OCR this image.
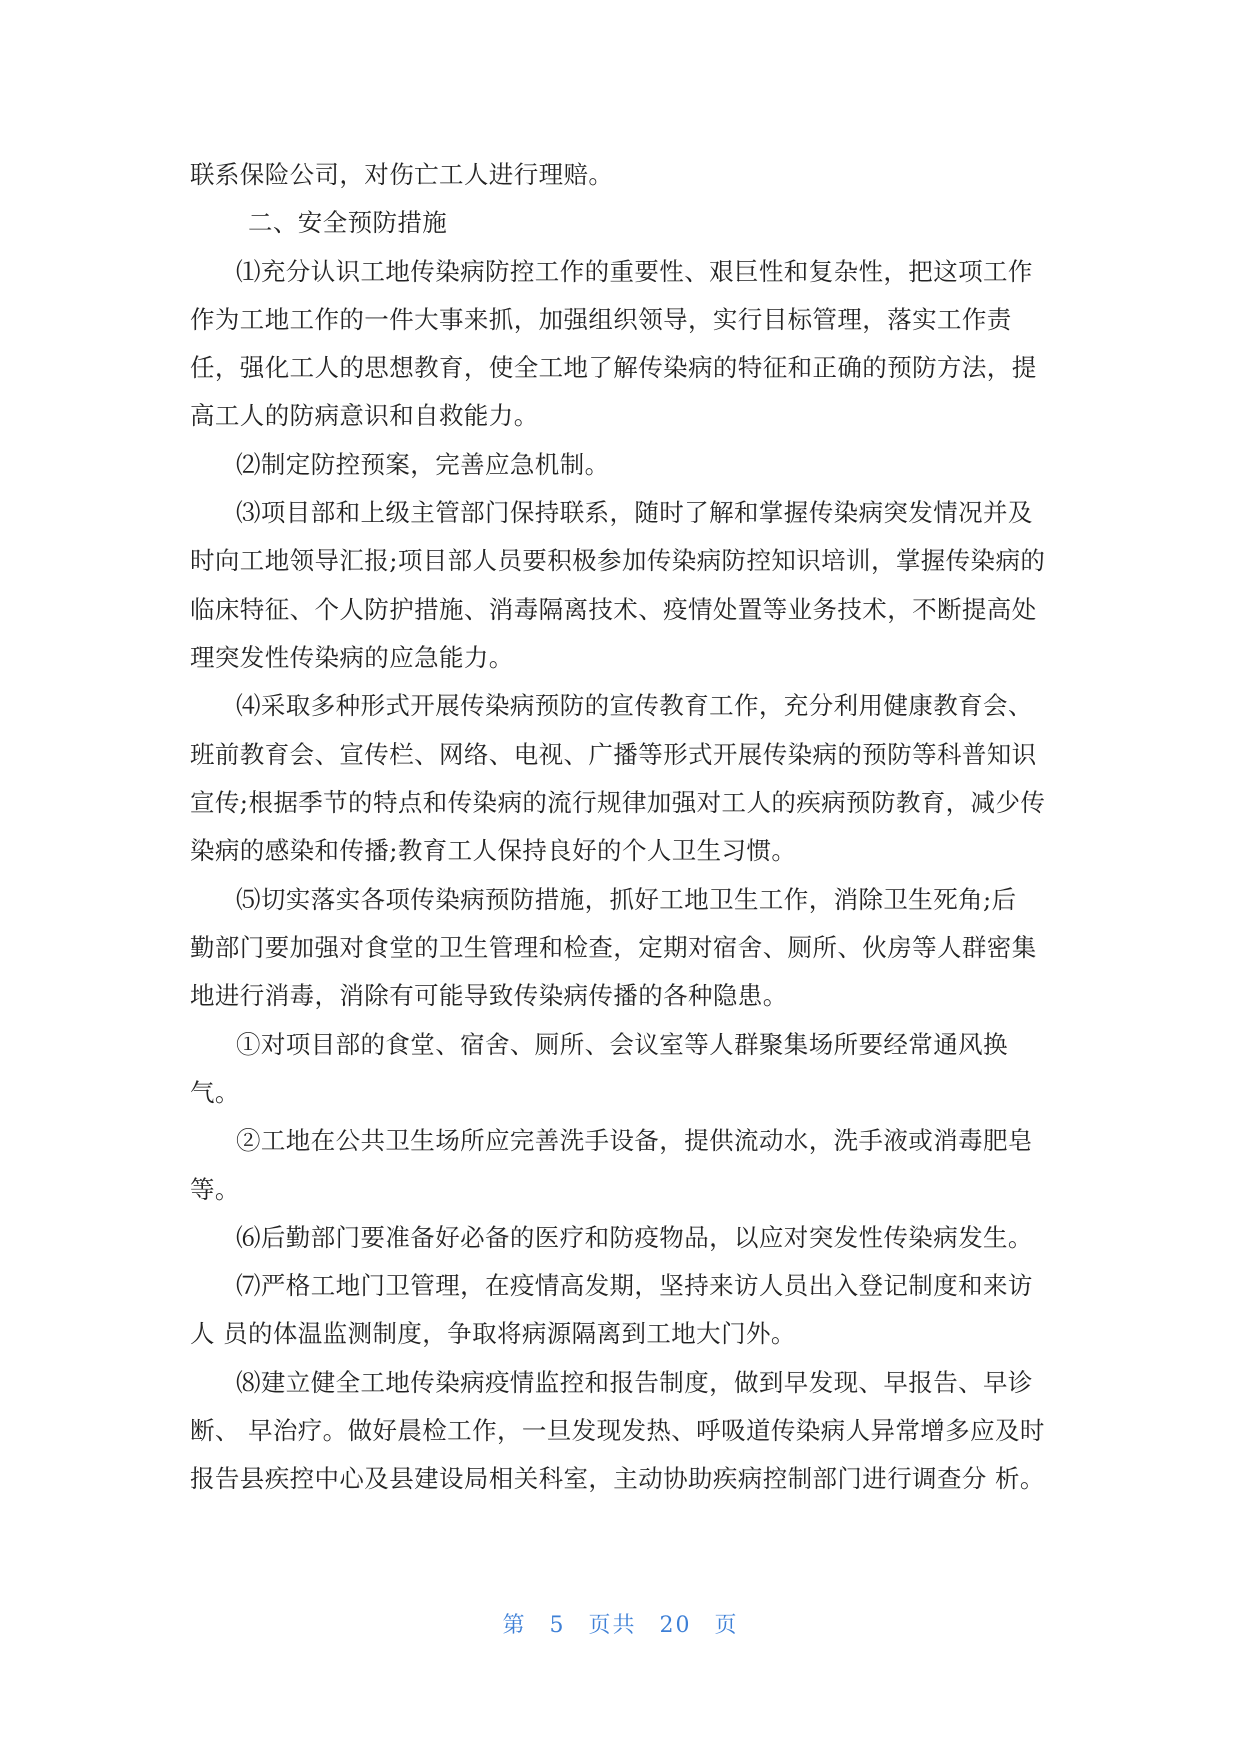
联系保险公司，对伤亡工人进行理赔。
二、安全预防措施
⑴充分认识工地传染病防控工作的重要性、艰巨性和复杂性，把这项工作
作为工地工作的一件大事来抓，加强组织领导，实行目标管理，落实工作责
任，强化工人的思想教育，使全工地了解传染病的特征和正确的预防方法，提
高工人的防病意识和自救能力。
⑵制定防控预案，完善应急机制。
⑶项目部和上级主管部门保持联系，随时了解和掌握传染病突发情况并及
时向工地领导汇报;项目部人员要积极参加传染病防控知识培训，掌握传染病的
临床特征、个人防护措施、消毒隔离技术、疫情处置等业务技术，不断提高处
理突发性传染病的应急能力。
⑷采取多种形式开展传染病预防的宣传教育工作，充分利用健康教育会、
班前教育会、宣传栏、网络、电视、广播等形式开展传染病的预防等科普知识
宣传;根据季节的特点和传染病的流行规律加强对工人的疾病预防教育，减少传
染病的感染和传播;教育工人保持良好的个人卫生习惯。
⑸切实落实各项传染病预防措施，抓好工地卫生工作，消除卫生死角;后
勤部门要加强对食堂的卫生管理和检查，定期对宿舍、厕所、伙房等人群密集
地进行消毒，消除有可能导致传染病传播的各种隐患。
①对项目部的食堂、宿舍、厕所、会议室等人群聚集场所要经常通风换
气。
②工地在公共卫生场所应完善洗手设备，提供流动水，洗手液或消毒肥皂
等。
⑹后勤部门要准备好必备的医疗和防疫物品，以应对突发性传染病发生。
⑺严格工地门卫管理，在疫情高发期，坚持来访人员出入登记制度和来访
人 员的体温监测制度，争取将病源隔离到工地大门外。
⑻建立健全工地传染病疫情监控和报告制度，做到早发现、早报告、早诊
断、 早治疗。做好晨检工作，一旦发现发热、呼吸道传染病人异常增多应及时
报告县疾控中心及县建设局相关科室，主动协助疾病控制部门进行调查分 析。
第 5 页共 20 页
